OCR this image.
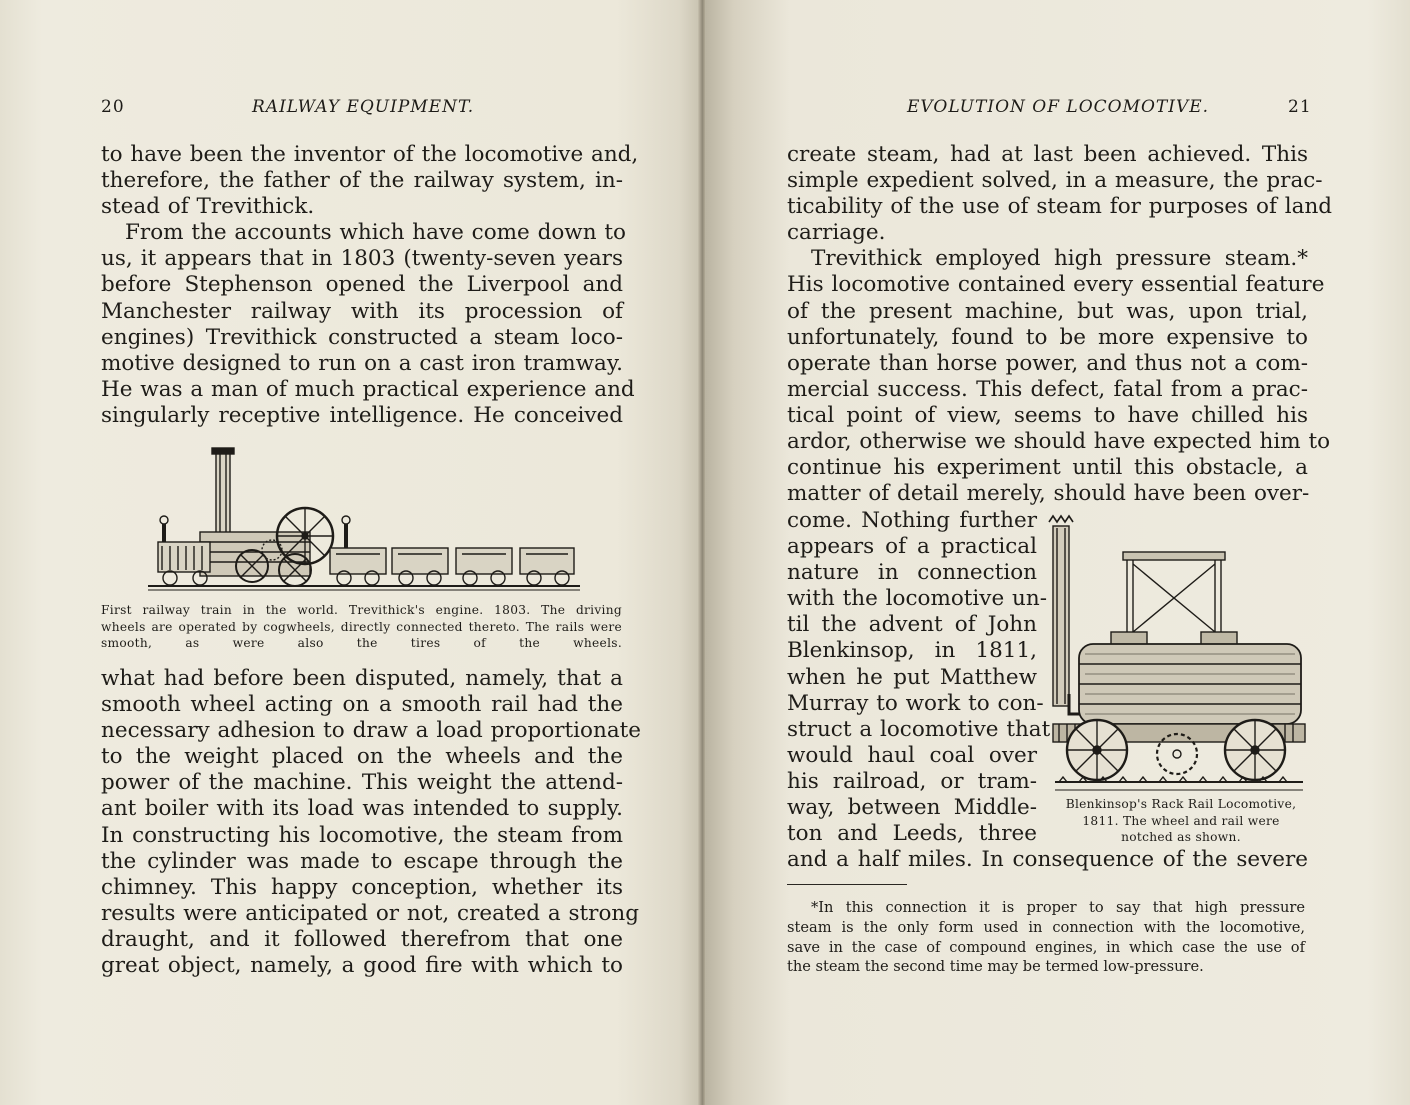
20	RAILWAY EQUIPMENT.
to have been the inventor of the locomotive and,
therefore, the father of the railway system, in-
stead of Trevithick.
From the accounts which have come down to
us, it appears that in 1803 (twenty-seven years
before Stephenson opened the Liverpool and
Manchester railway with its procession of
engines) Trevithick constructed a steam loco-
motive designed to run on a cast iron tramway.
He was a man of much practical experience and
singularly receptive intelligence. He conceived
First railway train in the world. Trevithick's engine. 1803. The driving
wheels are operated by cogwheels, directly connected thereto. The rails were
smooth, as were also the tires of the wheels.
what had before been disputed, namely, that a
smooth wheel acting on a smooth rail had the
necessary adhesion to draw a load proportionate
to the weight placed on the wheels and the
power of the machine. This weight the attend-
ant boiler with its load was intended to supply.
In constructing his locomotive, the steam from
the cylinder was made to escape through the
chimney. This happy conception, whether its
results were anticipated or not, created a strong
draught, and it followed therefrom that one
great object, namely, a good fire with which to
EVOLUTION OF LOCOMOTIVE.	21
create steam, had at last been achieved. This
simple expedient solved, in a measure, the prac-
ticability of the use of steam for purposes of land
carriage.
Trevithick employed high pressure steam.*
His locomotive contained every essential feature
of the present machine, but was, upon trial,
unfortunately, found to be more expensive to
operate than horse power, and thus not a com-
mercial success. This defect, fatal from a prac-
tical point of view, seems to have chilled his
ardor, otherwise we should have expected him to
continue his experiment until this obstacle, a
matter of detail merely, should have been over-
come. Nothing further
appears of a practical
nature in connection
with the locomotive un-
til the advent of John
Blenkinsop, in 1811,
when he put Matthew
Murray to work to con-
struct a locomotive that
would haul coal over
his railroad, or tram-
way, between Middle-
ton and Leeds, three
and a half miles. In consequence of the severe
Blenkinsop's Rack Rail Locomotive,
1811. The wheel and rail were
notched as shown.
*In this connection it is proper to say that high pressure
steam is the only form used in connection with the locomotive,
save in the case of compound engines, in which case the use of
the steam the second time may be termed low-pressure.
